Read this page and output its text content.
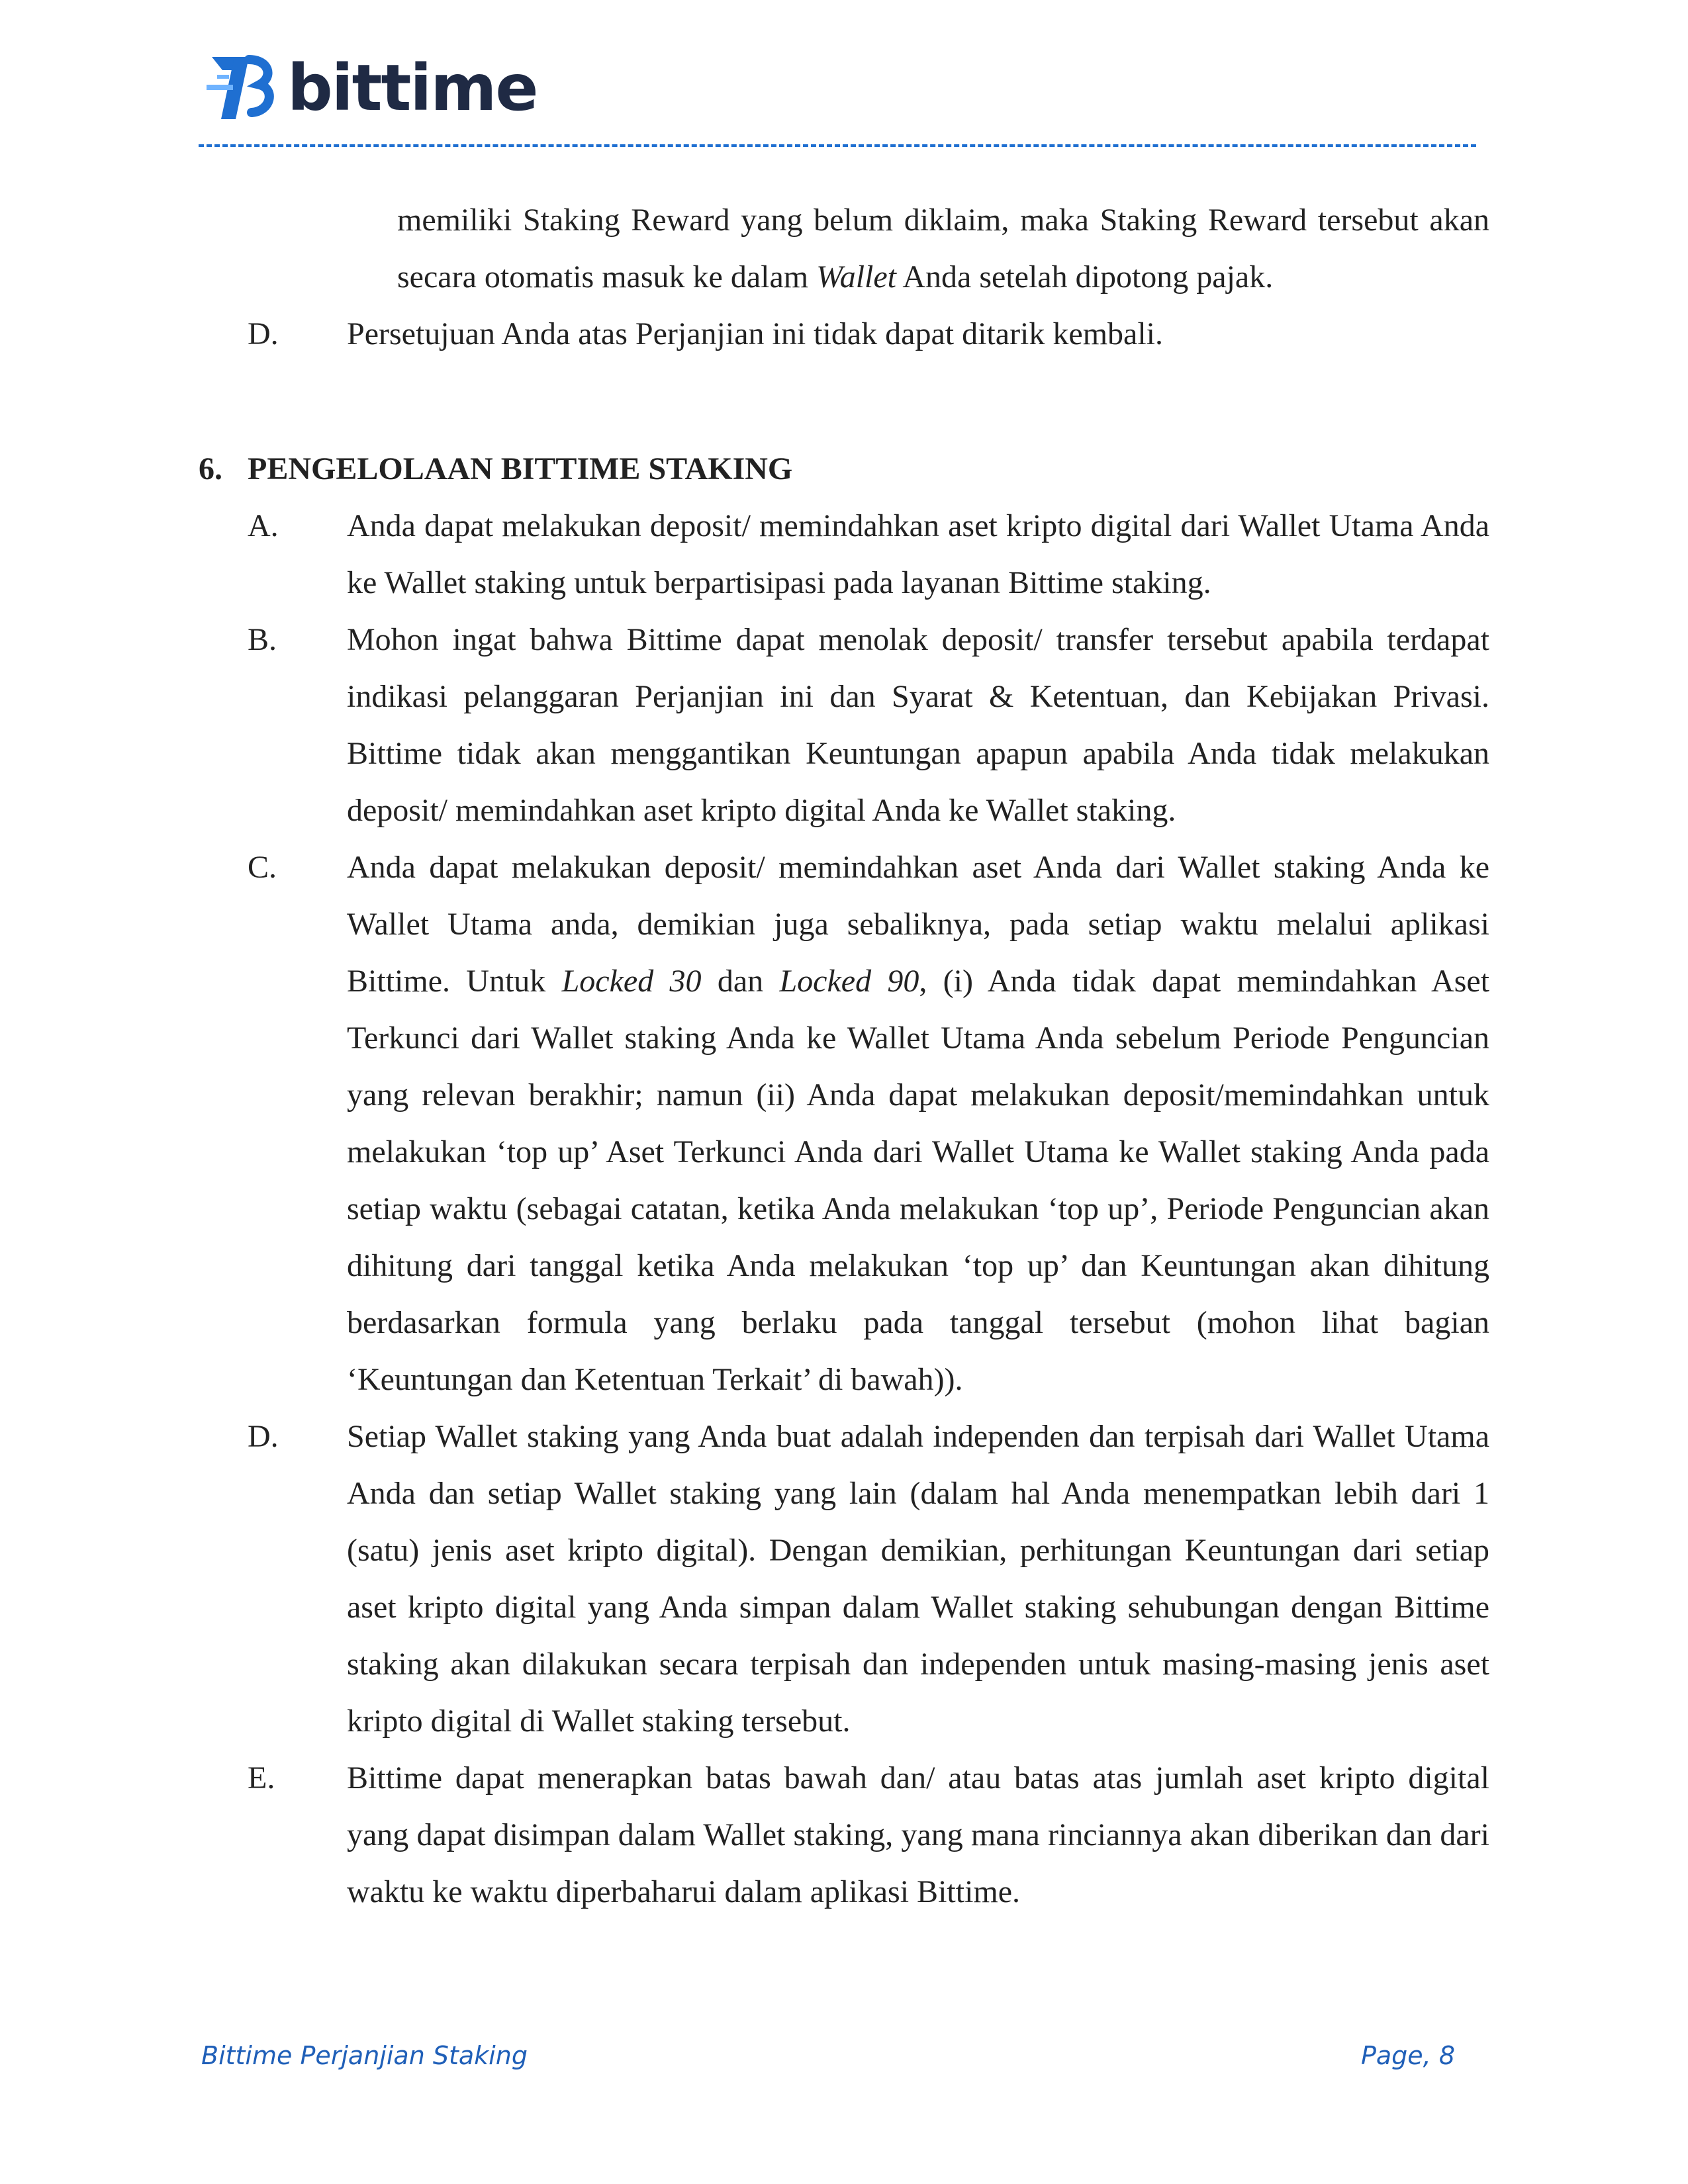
bittime
memiliki Staking Reward yang belum diklaim, maka Staking Reward tersebut akan secara otomatis masuk ke dalam Wallet Anda setelah dipotong pajak.
D.	Persetujuan Anda atas Perjanjian ini tidak dapat ditarik kembali.
6. PENGELOLAAN BITTIME STAKING
A.	Anda dapat melakukan deposit/ memindahkan aset kripto digital dari Wallet Utama Anda ke Wallet staking untuk berpartisipasi pada layanan Bittime staking.
B.	Mohon ingat bahwa Bittime dapat menolak deposit/ transfer tersebut apabila terdapat indikasi pelanggaran Perjanjian ini dan Syarat & Ketentuan, dan Kebijakan Privasi. Bittime tidak akan menggantikan Keuntungan apapun apabila Anda tidak melakukan deposit/ memindahkan aset kripto digital Anda ke Wallet staking.
C.	Anda dapat melakukan deposit/ memindahkan aset Anda dari Wallet staking Anda ke Wallet Utama anda, demikian juga sebaliknya, pada setiap waktu melalui aplikasi Bittime. Untuk Locked 30 dan Locked 90, (i) Anda tidak dapat memindahkan Aset Terkunci dari Wallet staking Anda ke Wallet Utama Anda sebelum Periode Penguncian yang relevan berakhir; namun (ii) Anda dapat melakukan deposit/memindahkan untuk melakukan ‘top up’ Aset Terkunci Anda dari Wallet Utama ke Wallet staking Anda pada setiap waktu (sebagai catatan, ketika Anda melakukan ‘top up’, Periode Penguncian akan dihitung dari tanggal ketika Anda melakukan ‘top up’ dan Keuntungan akan dihitung berdasarkan formula yang berlaku pada tanggal tersebut (mohon lihat bagian ‘Keuntungan dan Ketentuan Terkait’ di bawah)).
D.	Setiap Wallet staking yang Anda buat adalah independen dan terpisah dari Wallet Utama Anda dan setiap Wallet staking yang lain (dalam hal Anda menempatkan lebih dari 1 (satu) jenis aset kripto digital). Dengan demikian, perhitungan Keuntungan dari setiap aset kripto digital yang Anda simpan dalam Wallet staking sehubungan dengan Bittime staking akan dilakukan secara terpisah dan independen untuk masing-masing jenis aset kripto digital di Wallet staking tersebut.
E.	Bittime dapat menerapkan batas bawah dan/ atau batas atas jumlah aset kripto digital yang dapat disimpan dalam Wallet staking, yang mana rinciannya akan diberikan dan dari waktu ke waktu diperbaharui dalam aplikasi Bittime.
Bittime Perjanjian Staking	Page, 8
